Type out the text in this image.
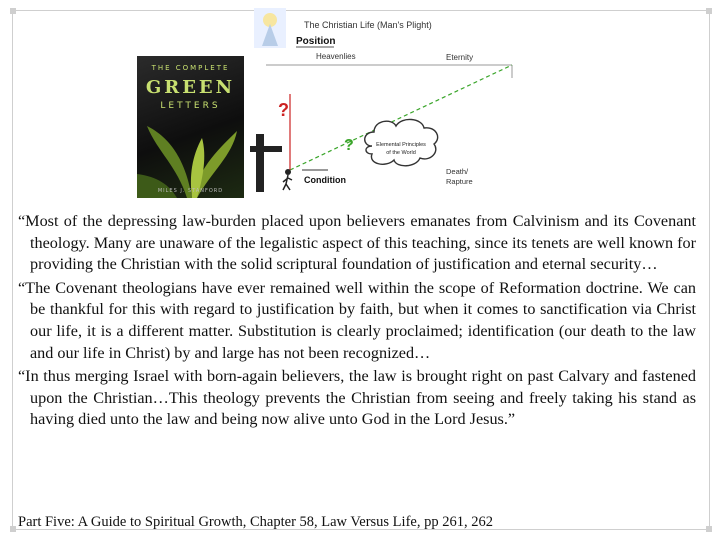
THE COMPLETE
GREEN
LETTERS
MILES J. STANFORD
The Christian Life (Man's Plight)
Position
Heavenlies	Eternity
?
?	Elemental Principles
of the World
Condition
Death/
Rapture

“Most of the depressing law-burden placed upon believers emanates from Calvinism and its Covenant theology. Many are unaware of the legalistic aspect of this teaching, since its tenets are well known for providing the Christian with the solid scriptural foundation of justification and eternal security…

“The Covenant theologians have ever remained well within the scope of Reformation doctrine. We can be thankful for this with regard to justification by faith, but when it comes to sanctification via Christ our life, it is a different matter. Substitution is clearly proclaimed; identification (our death to the law and our life in Christ) by and large has not been recognized…

“In thus merging Israel with born-again believers, the law is brought right on past Calvary and fastened upon the Christian…This theology prevents the Christian from seeing and freely taking his stand as having died unto the law and being now alive unto God in the Lord Jesus.”

Part Five: A Guide to Spiritual Growth, Chapter 58, Law Versus Life, pp 261, 262
